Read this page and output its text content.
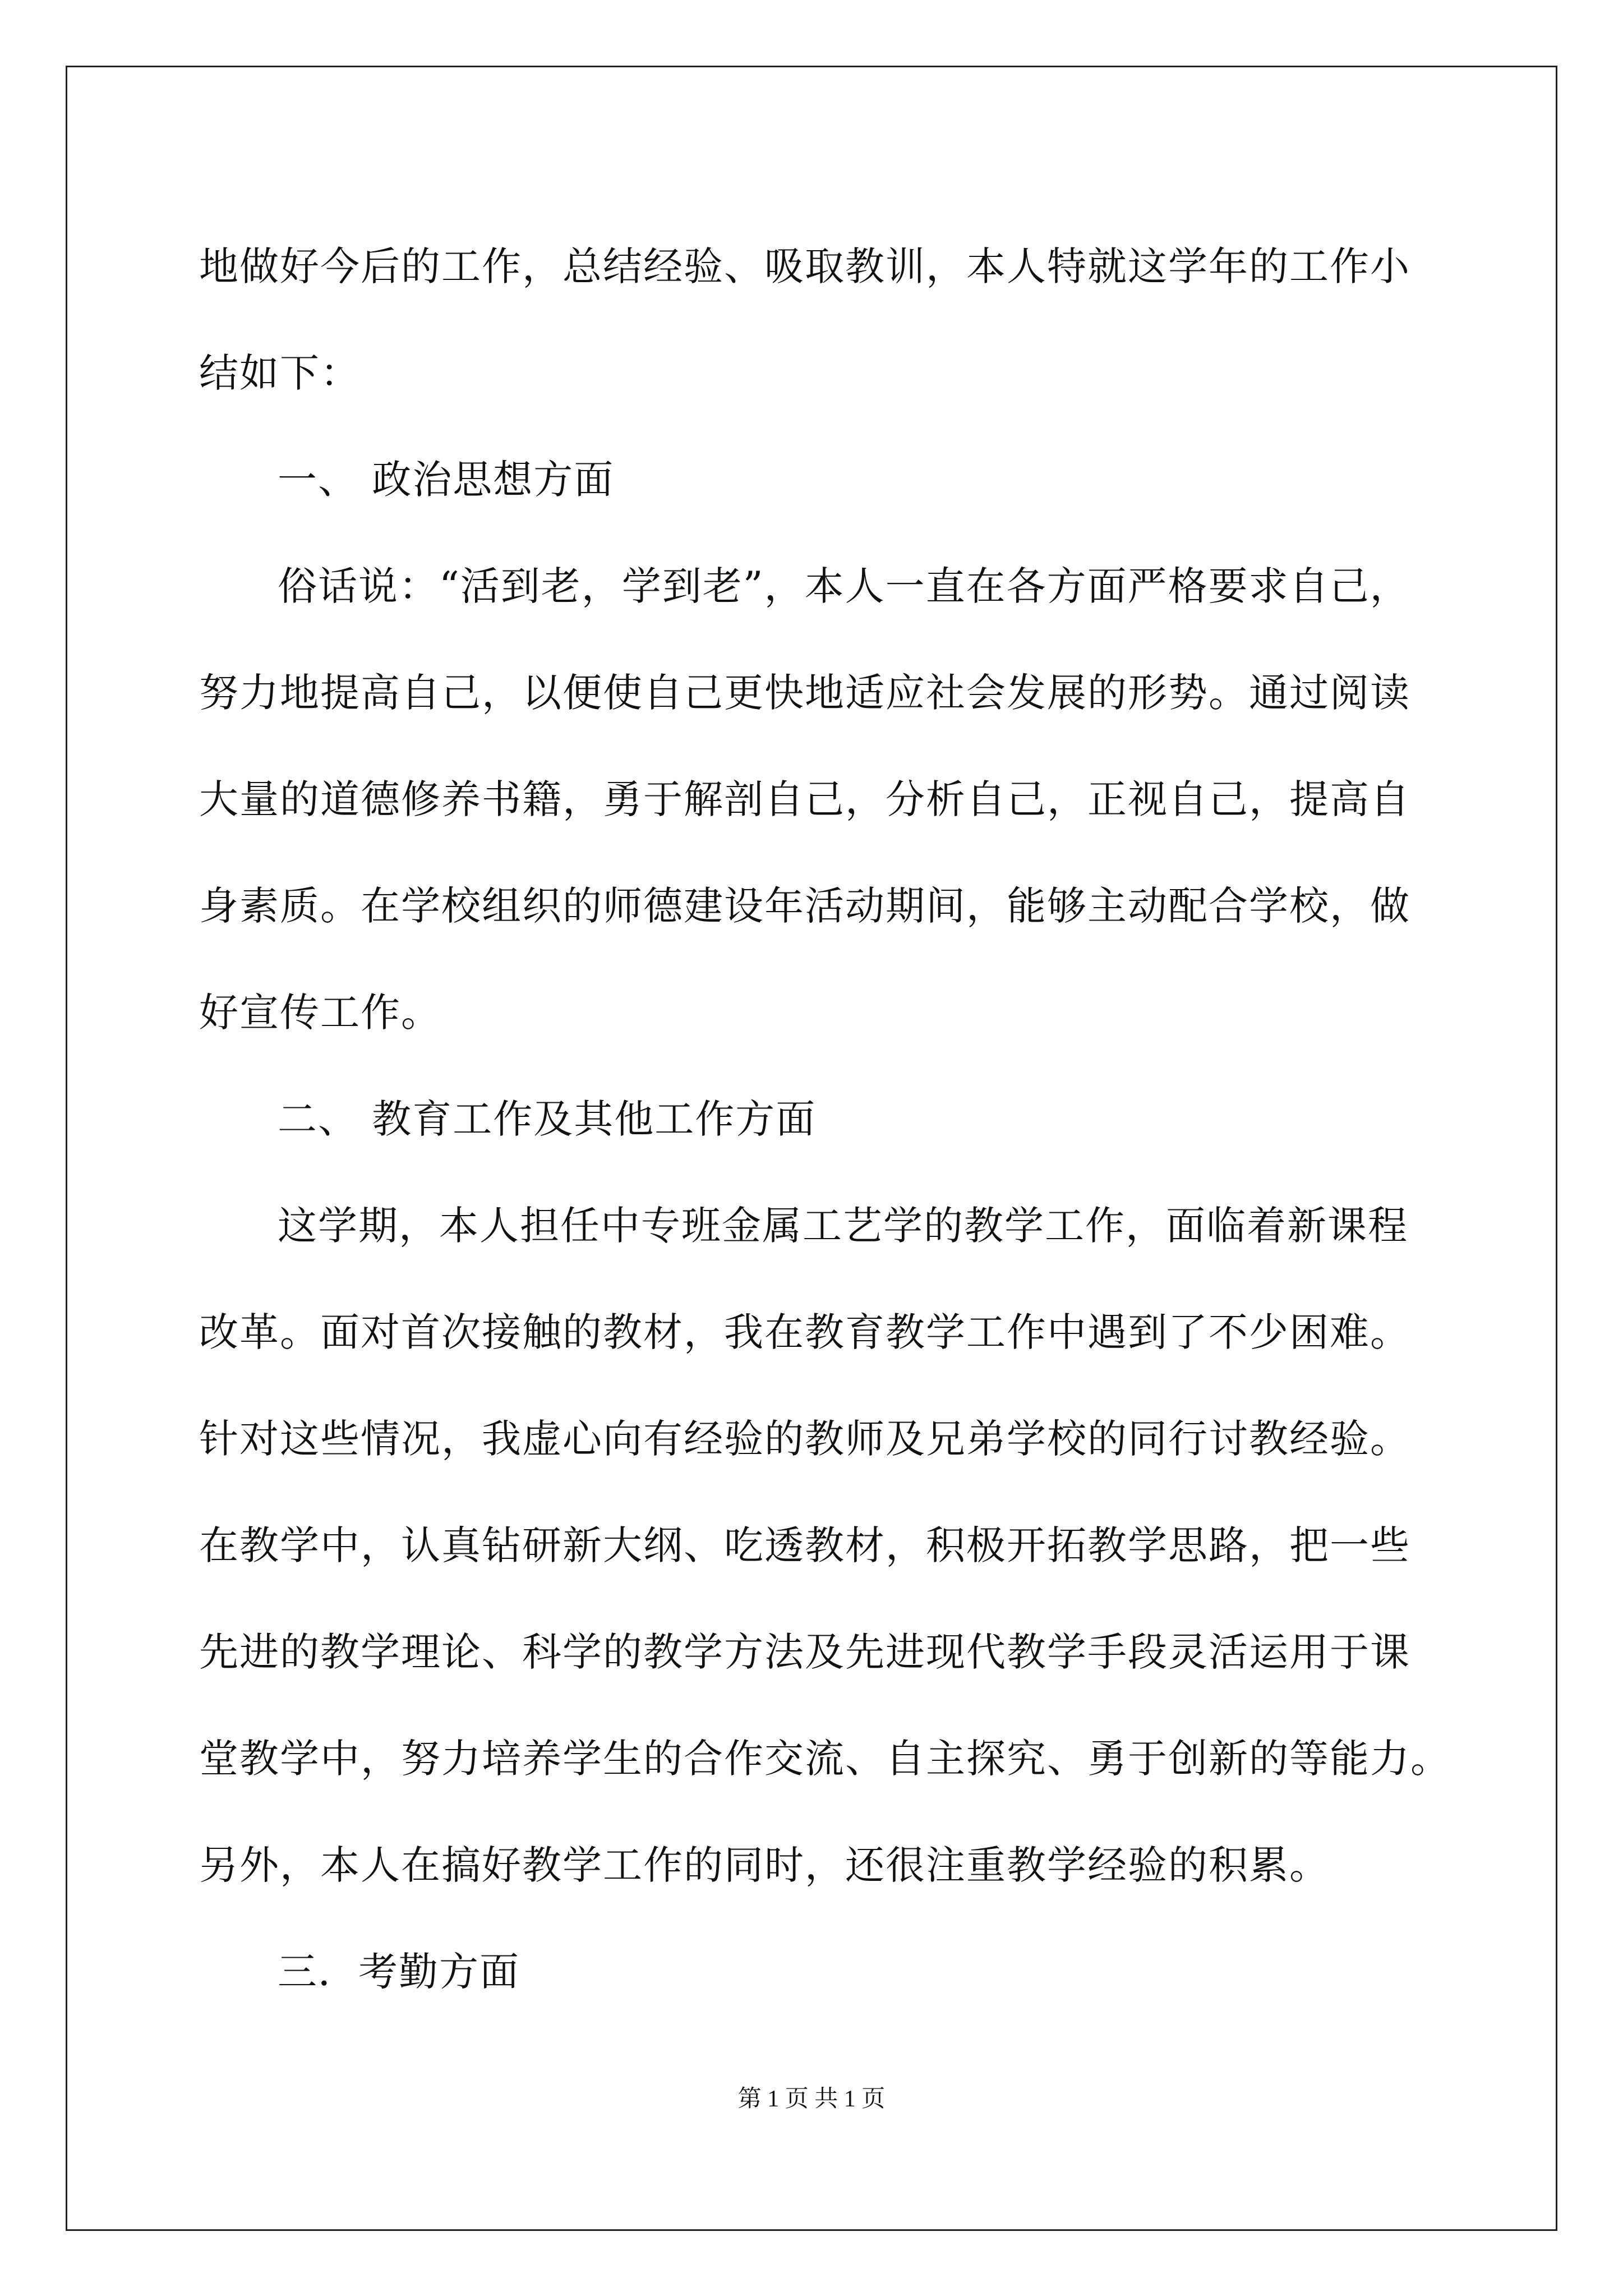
地做好今后的工作，总结经验、吸取教训，本人特就这学年的工作小
结如下：
一、 政治思想方面
俗话说：“活到老，学到老”，本人一直在各方面严格要求自己，
努力地提高自己，以便使自己更快地适应社会发展的形势。通过阅读
大量的道德修养书籍，勇于解剖自己，分析自己，正视自己，提高自
身素质。在学校组织的师德建设年活动期间，能够主动配合学校，做
好宣传工作。
二、 教育工作及其他工作方面
这学期，本人担任中专班金属工艺学的教学工作，面临着新课程
改革。面对首次接触的教材，我在教育教学工作中遇到了不少困难。
针对这些情况，我虚心向有经验的教师及兄弟学校的同行讨教经验。
在教学中，认真钻研新大纲、吃透教材，积极开拓教学思路，把一些
先进的教学理论、科学的教学方法及先进现代教学手段灵活运用于课
堂教学中，努力培养学生的合作交流、自主探究、勇于创新的等能力。
另外，本人在搞好教学工作的同时，还很注重教学经验的积累。
三．考勤方面
第 1 页 共 1 页
